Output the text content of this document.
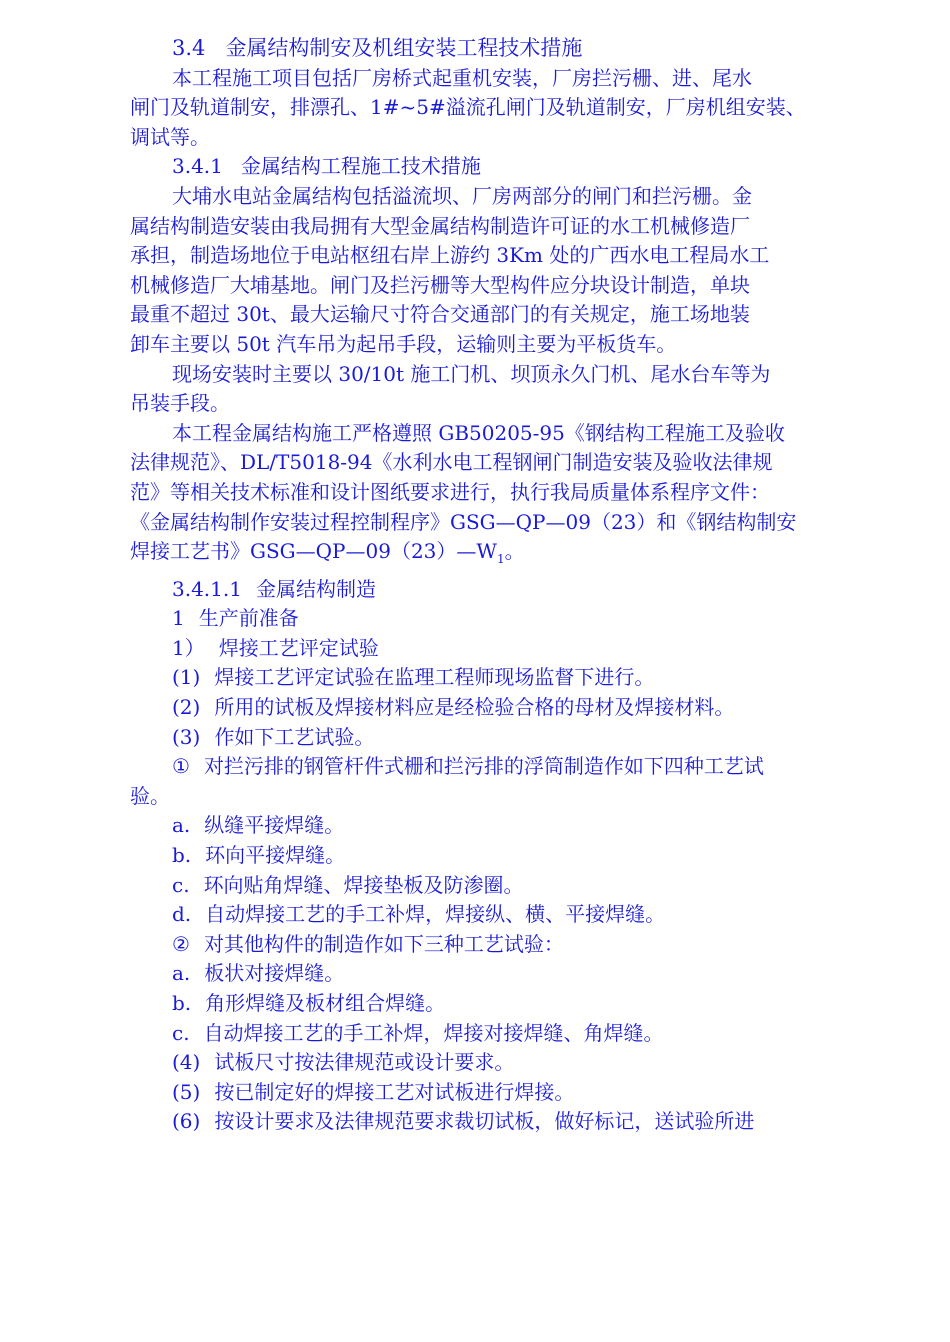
3.4 金属结构制安及机组安装工程技术措施
本工程施工项目包括厂房桥式起重机安装，厂房拦污栅、进、尾水
闸门及轨道制安，排漂孔、1#~5#溢流孔闸门及轨道制安，厂房机组安装、
调试等。
3.4.1 金属结构工程施工技术措施
大埔水电站金属结构包括溢流坝、厂房两部分的闸门和拦污栅。金
属结构制造安装由我局拥有大型金属结构制造许可证的水工机械修造厂
承担，制造场地位于电站枢纽右岸上游约 3Km 处的广西水电工程局水工
机械修造厂大埔基地。闸门及拦污栅等大型构件应分块设计制造，单块
最重不超过 30t、最大运输尺寸符合交通部门的有关规定，施工场地装
卸车主要以 50t 汽车吊为起吊手段，运输则主要为平板货车。
现场安装时主要以 30/10t 施工门机、坝顶永久门机、尾水台车等为
吊装手段。
本工程金属结构施工严格遵照 GB50205-95《钢结构工程施工及验收
法律规范》、DL/T5018-94《水利水电工程钢闸门制造安装及验收法律规
范》等相关技术标准和设计图纸要求进行，执行我局质量体系程序文件：
《金属结构制作安装过程控制程序》GSG—QP—09（23）和《钢结构制安
焊接工艺书》$GSG—QP—09(23)—W_1$。
3.4.1.1 金属结构制造
1 生产前准备
1） 焊接工艺评定试验
(1) 焊接工艺评定试验在监理工程师现场监督下进行。
(2) 所用的试板及焊接材料应是经检验合格的母材及焊接材料。
(3) 作如下工艺试验。
① 对拦污排的钢管杆件式栅和拦污排的浮筒制造作如下四种工艺试
验。
a. 纵缝平接焊缝。
b. 环向平接焊缝。
c. 环向贴角焊缝、焊接垫板及防渗圈。
d. 自动焊接工艺的手工补焊，焊接纵、横、平接焊缝。
② 对其他构件的制造作如下三种工艺试验：
a. 板状对接焊缝。
b. 角形焊缝及板材组合焊缝。
c. 自动焊接工艺的手工补焊，焊接对接焊缝、角焊缝。
(4) 试板尺寸按法律规范或设计要求。
(5) 按已制定好的焊接工艺对试板进行焊接。
(6) 按设计要求及法律规范要求裁切试板，做好标记，送试验所进
